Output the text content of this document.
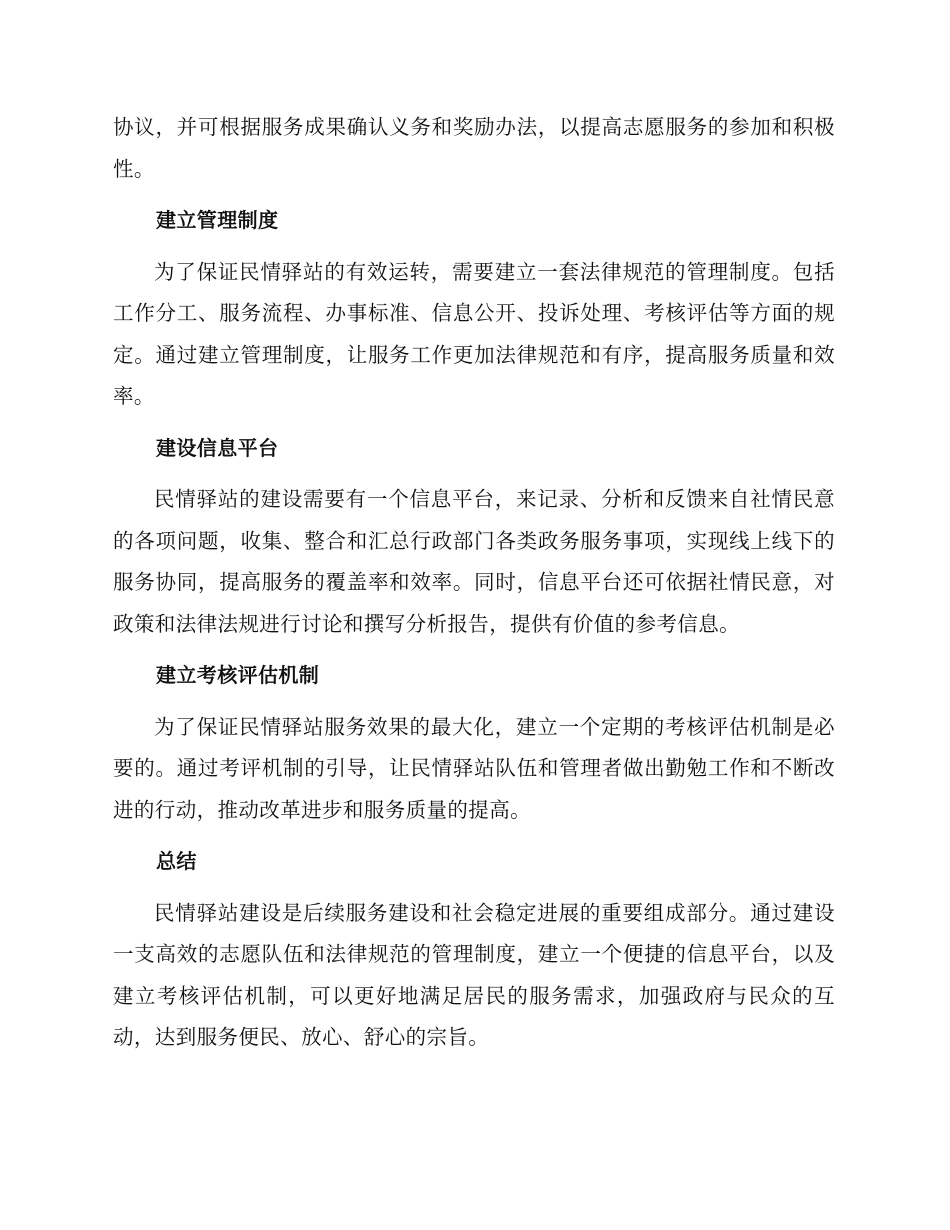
协议，并可根据服务成果确认义务和奖励办法，以提高志愿服务的参加和积极性。

建立管理制度

为了保证民情驿站的有效运转，需要建立一套法律规范的管理制度。包括工作分工、服务流程、办事标准、信息公开、投诉处理、考核评估等方面的规定。通过建立管理制度，让服务工作更加法律规范和有序，提高服务质量和效率。

建设信息平台

民情驿站的建设需要有一个信息平台，来记录、分析和反馈来自社情民意的各项问题，收集、整合和汇总行政部门各类政务服务事项，实现线上线下的服务协同，提高服务的覆盖率和效率。同时，信息平台还可依据社情民意，对政策和法律法规进行讨论和撰写分析报告，提供有价值的参考信息。

建立考核评估机制

为了保证民情驿站服务效果的最大化，建立一个定期的考核评估机制是必要的。通过考评机制的引导，让民情驿站队伍和管理者做出勤勉工作和不断改进的行动，推动改革进步和服务质量的提高。

总结

民情驿站建设是后续服务建设和社会稳定进展的重要组成部分。通过建设一支高效的志愿队伍和法律规范的管理制度，建立一个便捷的信息平台，以及建立考核评估机制，可以更好地满足居民的服务需求，加强政府与民众的互动，达到服务便民、放心、舒心的宗旨。
